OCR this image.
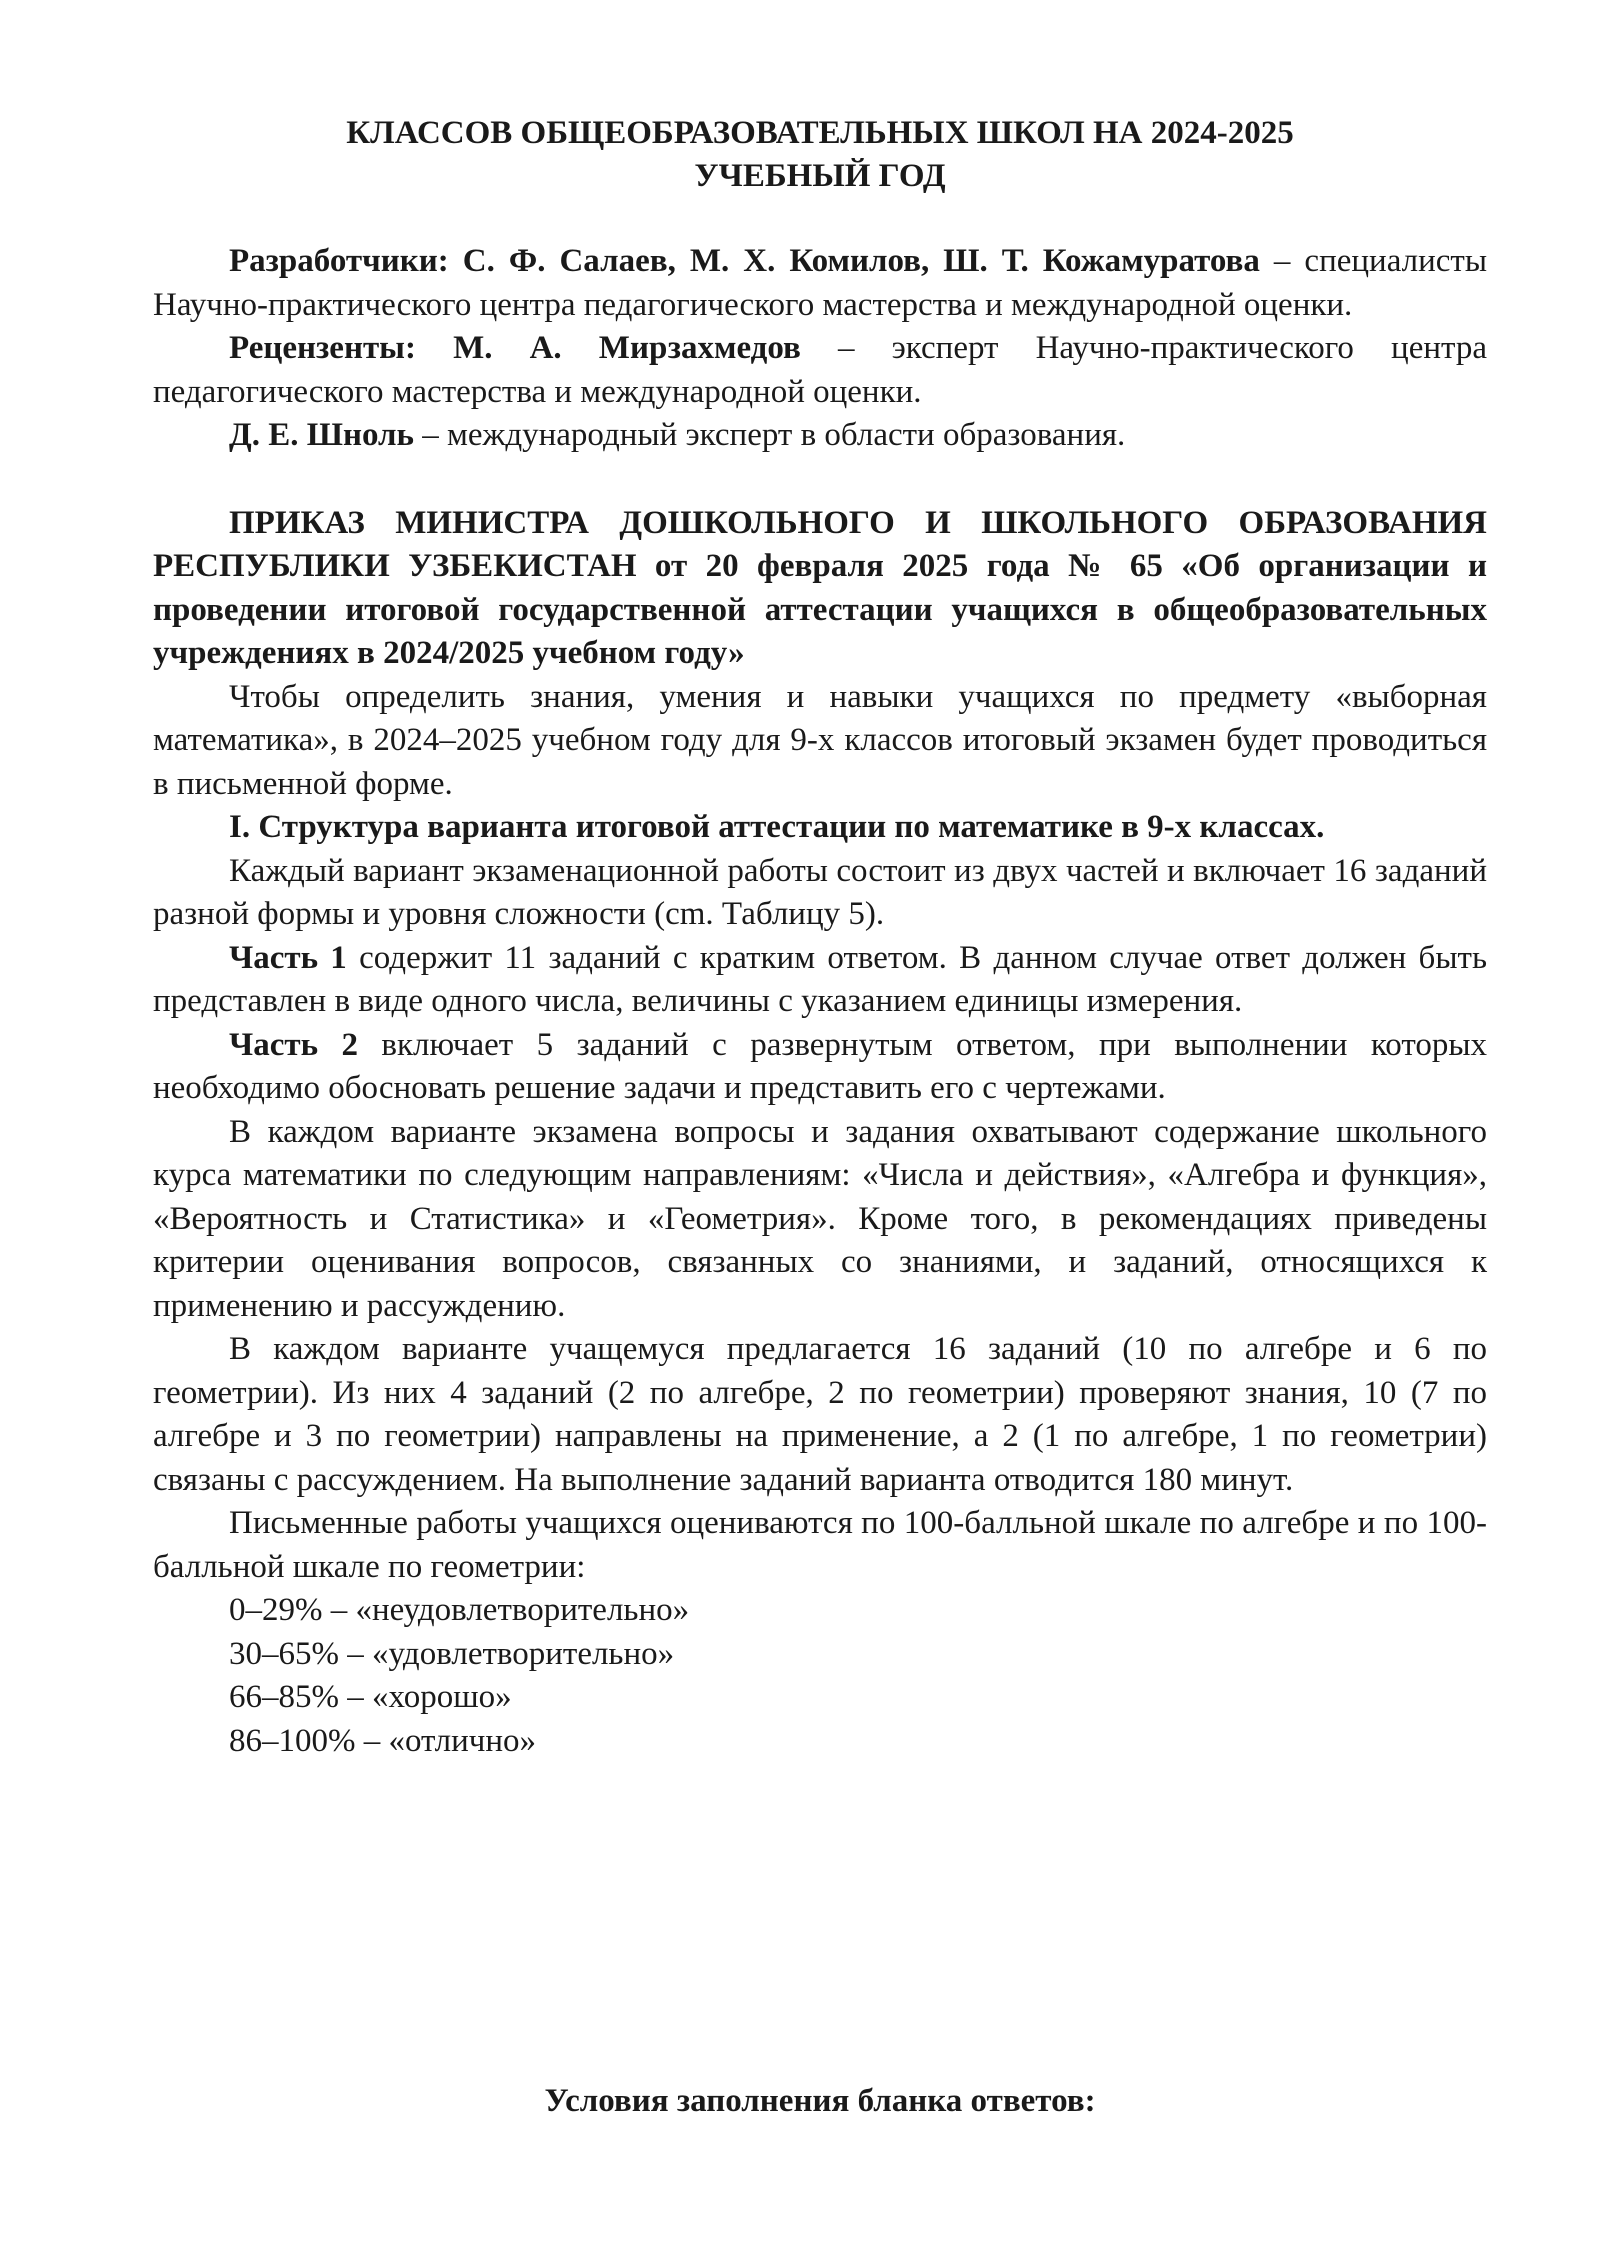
КЛАССОВ ОБЩЕОБРАЗОВАТЕЛЬНЫХ ШКОЛ НА 2024-2025

УЧЕБНЫЙ ГОД

Разработчики: С. Ф. Салаев, М. Х. Комилов, Ш. Т. Кожамуратова – специалисты Научно-практического центра педагогического мастерства и международной оценки.

Рецензенты: М. А. Мирзахмедов – эксперт Научно-практического центра педагогического мастерства и международной оценки.

Д. Е. Шноль – международный эксперт в области образования.

ПРИКАЗ МИНИСТРА ДОШКОЛЬНОГО И ШКОЛЬНОГО ОБРАЗОВАНИЯ РЕСПУБЛИКИ УЗБЕКИСТАН от 20 февраля 2025 года № 65 «Об организации и проведении итоговой государственной аттестации учащихся в общеобразовательных учреждениях в 2024/2025 учебном году»

Чтобы определить знания, умения и навыки учащихся по предмету «выборная математика», в 2024–2025 учебном году для 9-х классов итоговый экзамен будет проводиться в письменной форме.

I. Структура варианта итоговой аттестации по математике в 9-х классах.

Каждый вариант экзаменационной работы состоит из двух частей и включает 16 заданий разной формы и уровня сложности (cm. Таблицу 5).

Часть 1 содержит 11 заданий с кратким ответом. В данном случае ответ должен быть представлен в виде одного числа, величины с указанием единицы измерения.

Часть 2 включает 5 заданий с развернутым ответом, при выполнении которых необходимо обосновать решение задачи и представить его с чертежами.

В каждом варианте экзамена вопросы и задания охватывают содержание школьного курса математики по следующим направлениям: «Числа и действия», «Алгебра и функция», «Вероятность и Статистика» и «Геометрия». Кроме того, в рекомендациях приведены критерии оценивания вопросов, связанных со знаниями, и заданий, относящихся к применению и рассуждению.

В каждом варианте учащемуся предлагается 16 заданий (10 по алгебре и 6 по геометрии). Из них 4 заданий (2 по алгебре, 2 по геометрии) проверяют знания, 10 (7 по алгебре и 3 по геометрии) направлены на применение, а 2 (1 по алгебре, 1 по геометрии) связаны с рассуждением. На выполнение заданий варианта отводится 180 минут.

Письменные работы учащихся оцениваются по 100-балльной шкале по алгебре и по 100-балльной шкале по геометрии:

0–29% – «неудовлетворительно»
30–65% – «удовлетворительно»
66–85% – «хорошо»
86–100% – «отлично»

Условия заполнения бланка ответов:
